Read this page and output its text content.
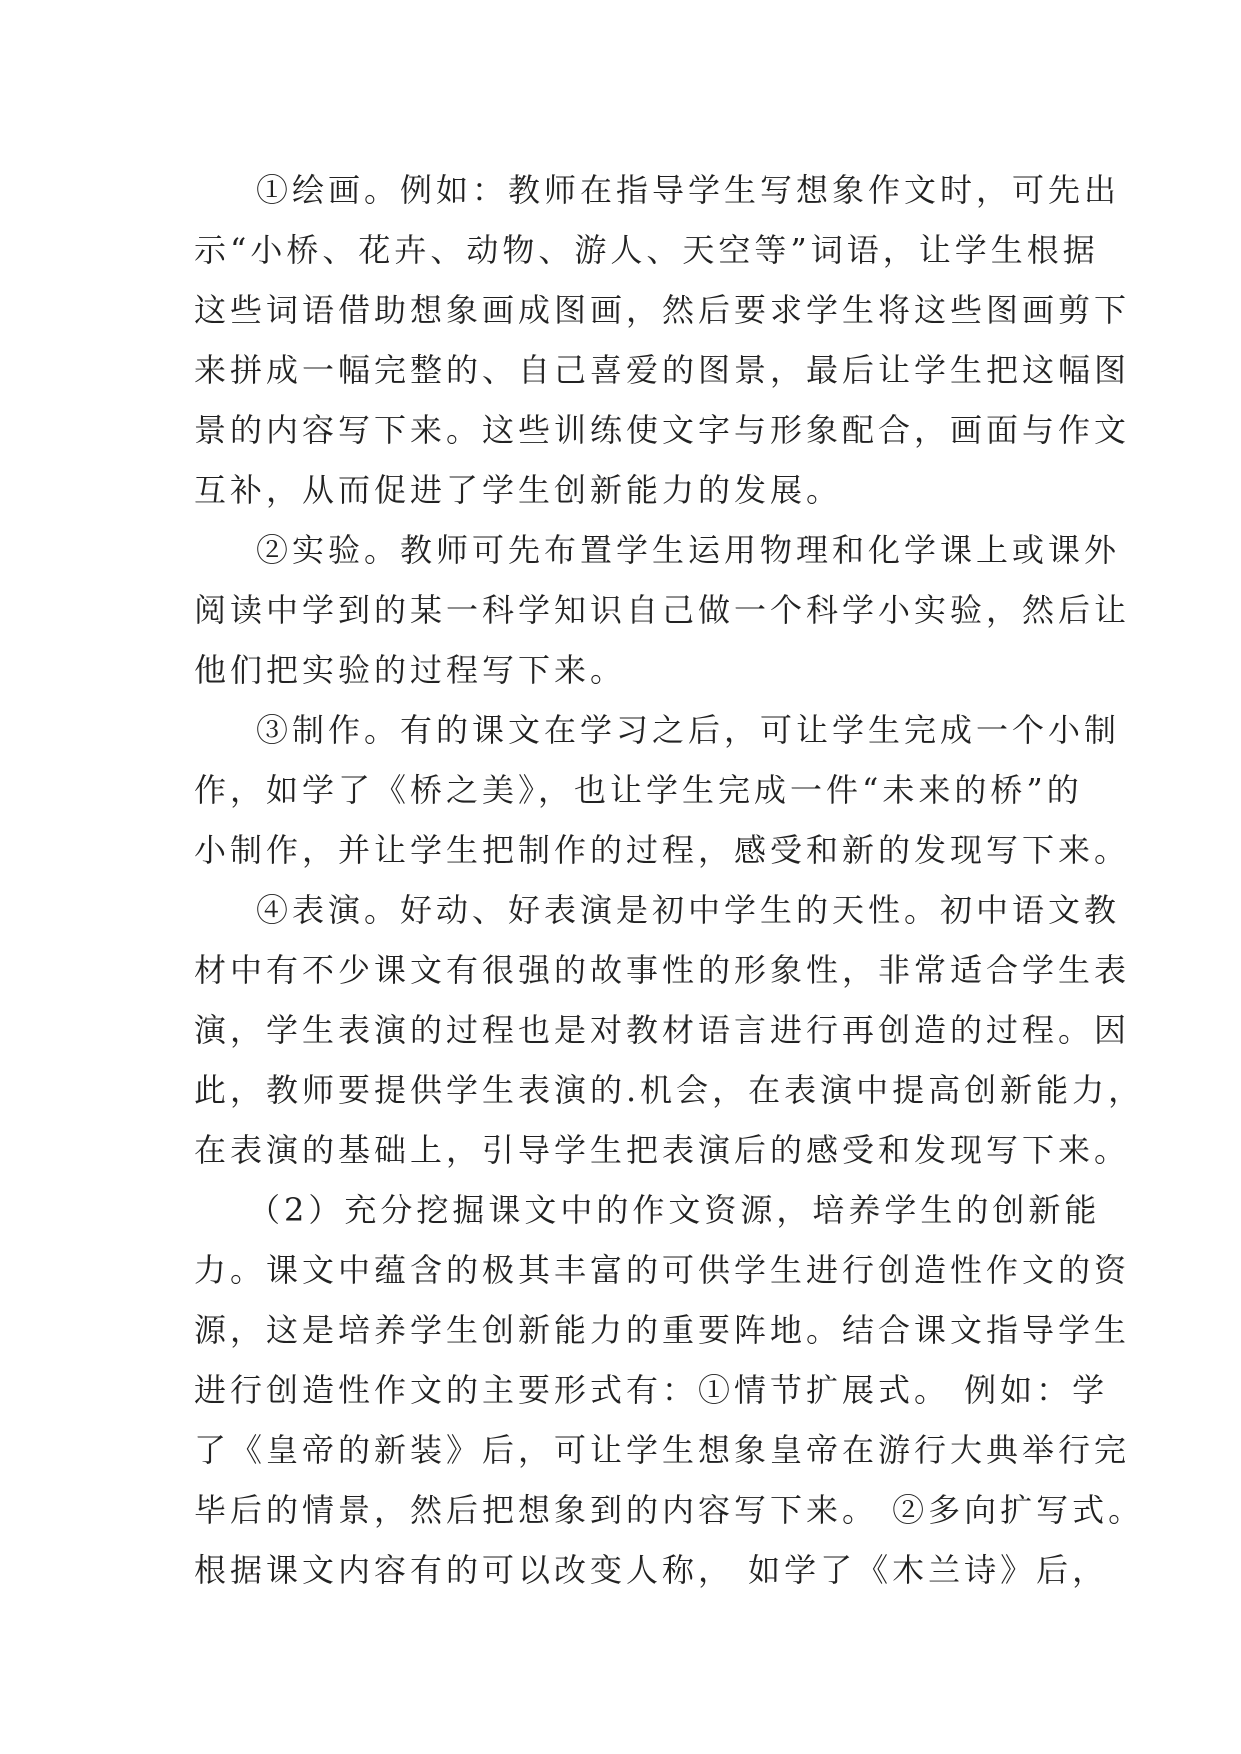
①绘画。例如：教师在指导学生写想象作文时，可先出
示“小桥、花卉、动物、游人、天空等”词语，让学生根据
这些词语借助想象画成图画，然后要求学生将这些图画剪下
来拼成一幅完整的、自己喜爱的图景，最后让学生把这幅图
景的内容写下来。这些训练使文字与形象配合，画面与作文
互补，从而促进了学生创新能力的发展。
②实验。教师可先布置学生运用物理和化学课上或课外
阅读中学到的某一科学知识自己做一个科学小实验，然后让
他们把实验的过程写下来。
③制作。有的课文在学习之后，可让学生完成一个小制
作，如学了《桥之美》，也让学生完成一件“未来的桥”的
小制作，并让学生把制作的过程，感受和新的发现写下来。
④表演。好动、好表演是初中学生的天性。初中语文教
材中有不少课文有很强的故事性的形象性，非常适合学生表
演，学生表演的过程也是对教材语言进行再创造的过程。因
此，教师要提供学生表演的.机会，在表演中提高创新能力，
在表演的基础上，引导学生把表演后的感受和发现写下来。
（2）充分挖掘课文中的作文资源，培养学生的创新能
力。课文中蕴含的极其丰富的可供学生进行创造性作文的资
源，这是培养学生创新能力的重要阵地。结合课文指导学生
进行创造性作文的主要形式有：①情节扩展式。 例如：学
了《皇帝的新装》后，可让学生想象皇帝在游行大典举行完
毕后的情景，然后把想象到的内容写下来。 ②多向扩写式。
根据课文内容有的可以改变人称， 如学了《木兰诗》后，
